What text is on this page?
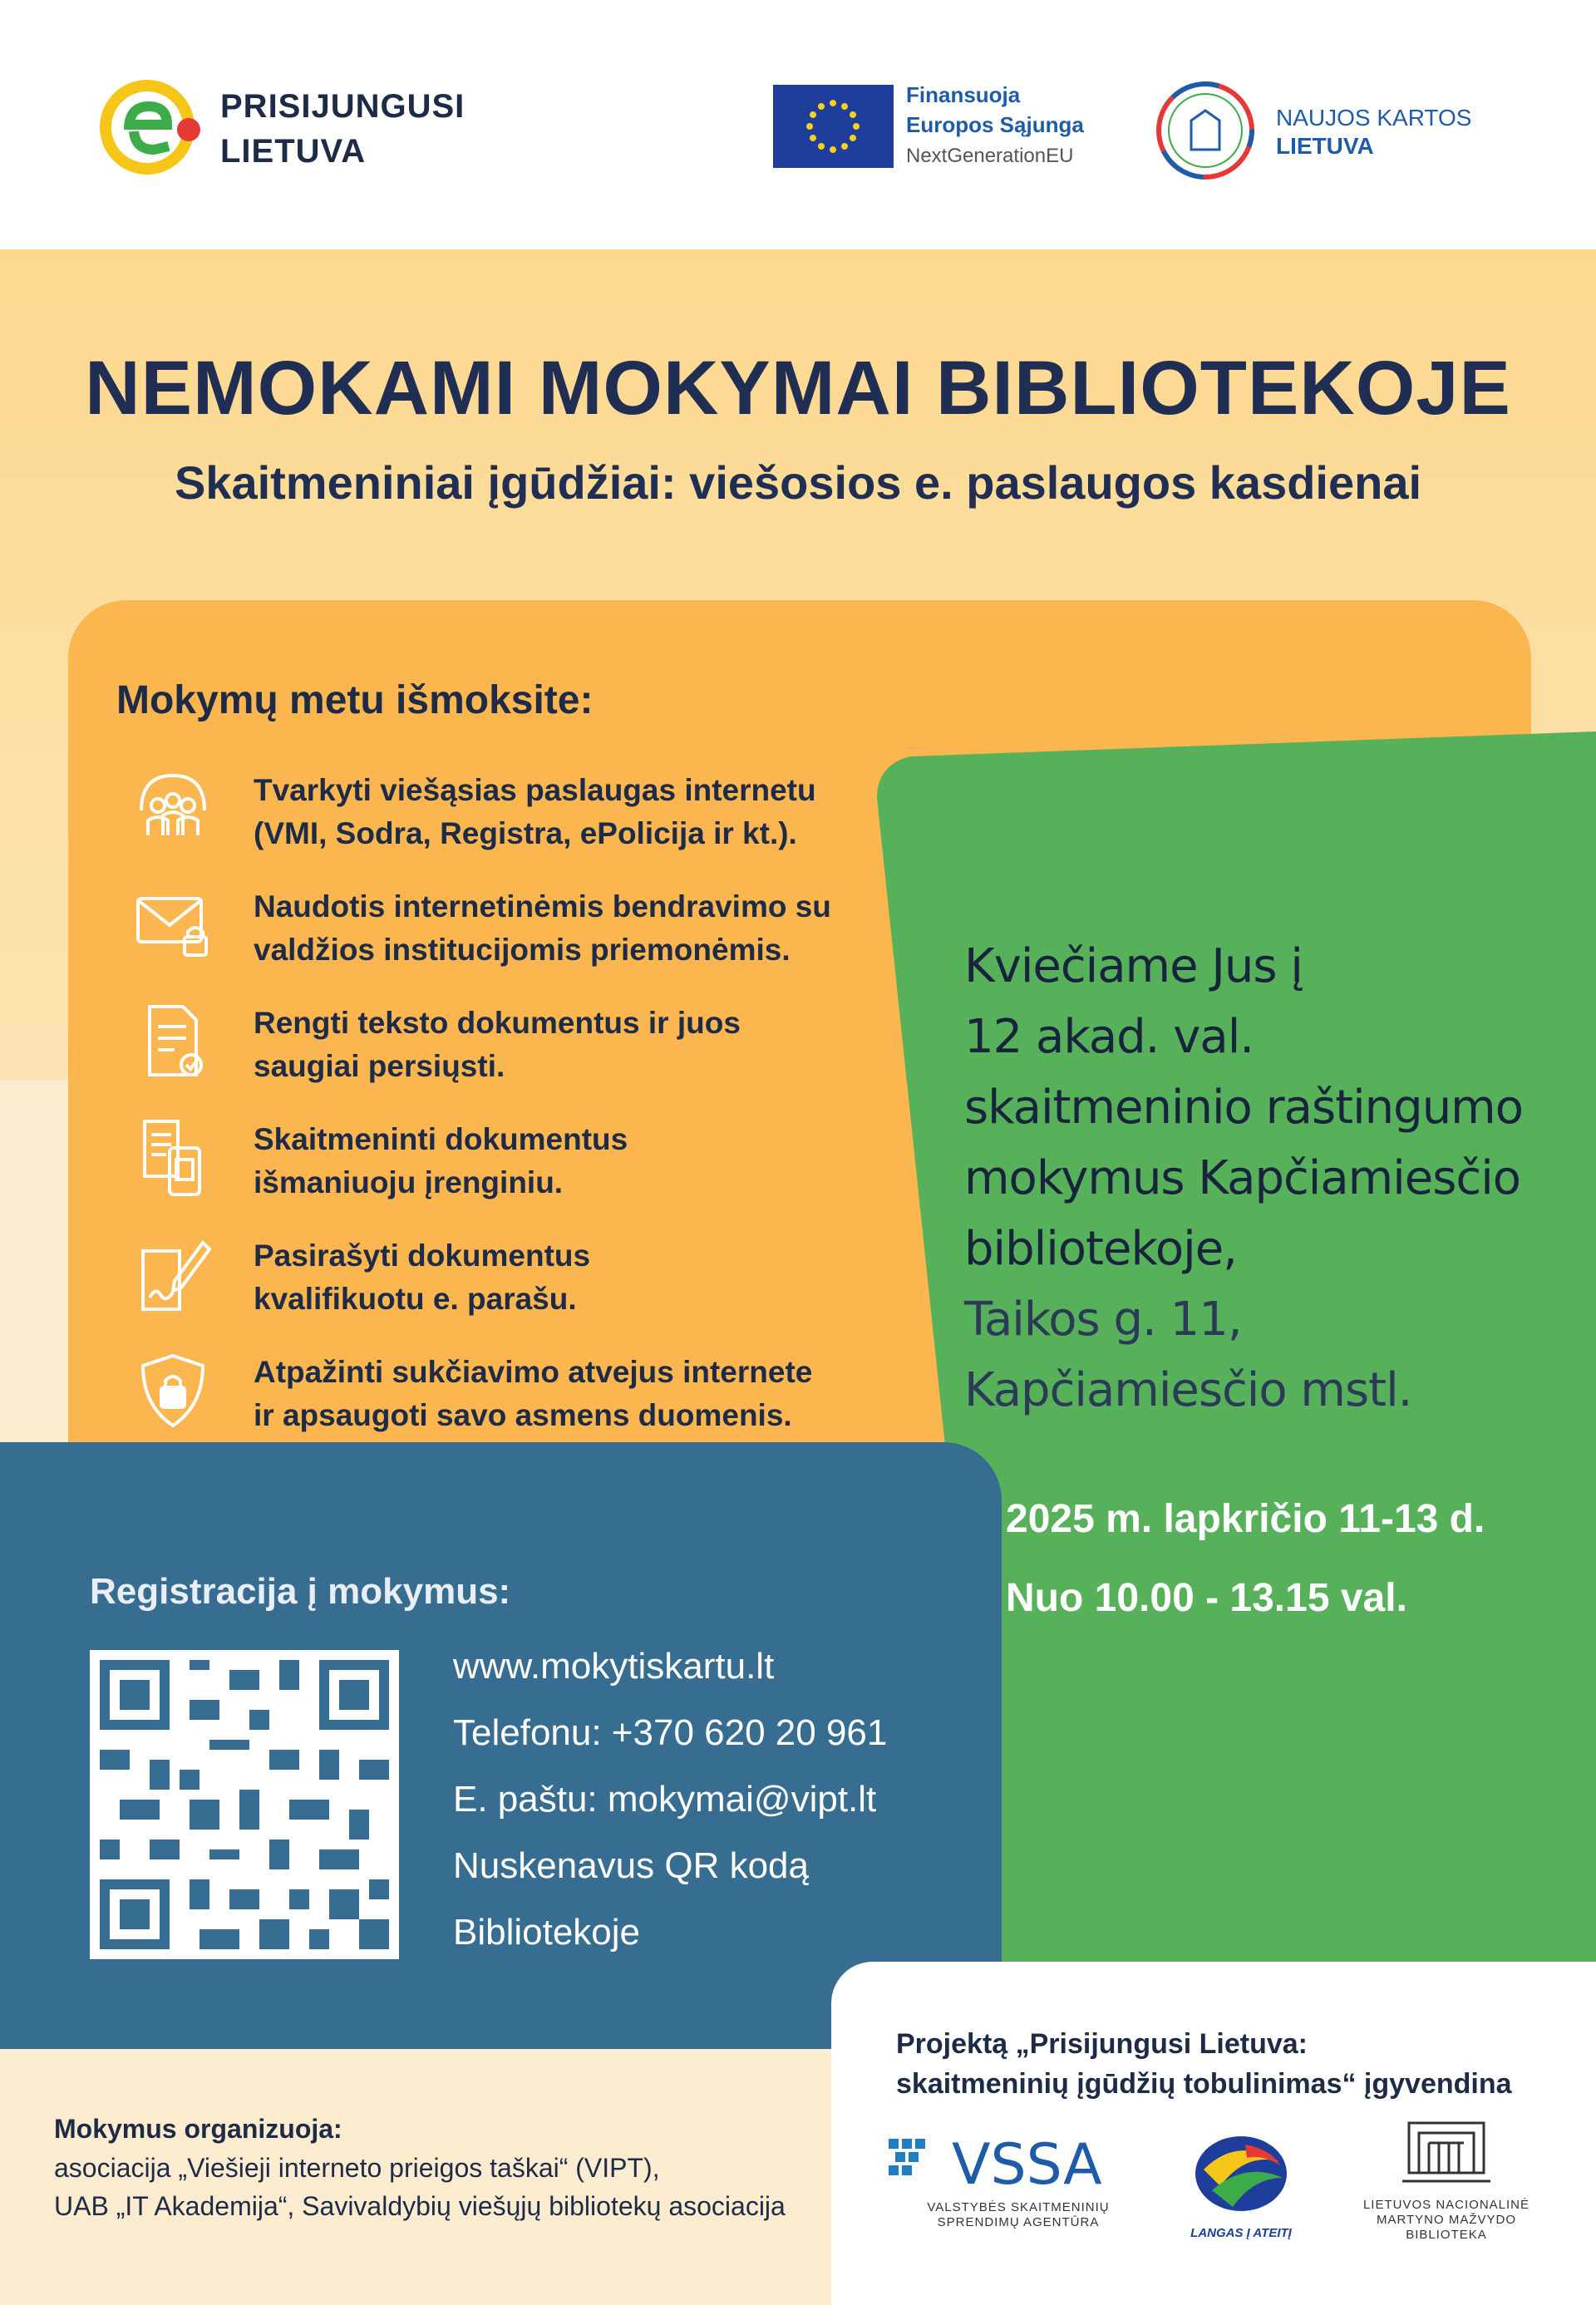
PRISIJUNGUSI
LIETUVA
Finansuoja
Europos Sąjunga
NextGenerationEU
NAUJOS KARTOS
LIETUVA
NEMOKAMI MOKYMAI BIBLIOTEKOJE
Skaitmeniniai įgūdžiai: viešosios e. paslaugos kasdienai
Mokymų metu išmoksite:
Tvarkyti viešąsias paslaugas internetu
(VMI, Sodra, Registra, ePolicija ir kt.).
Naudotis internetinėmis bendravimo su
valdžios institucijomis priemonėmis.
Rengti teksto dokumentus ir juos
saugiai persiųsti.
Skaitmeninti dokumentus
išmaniuoju įrenginiu.
Pasirašyti dokumentus
kvalifikuotu e. parašu.
Atpažinti sukčiavimo atvejus internete
ir apsaugoti savo asmens duomenis.
Kviečiame Jus į
12 akad. val.
skaitmeninio raštingumo
mokymus Kapčiamiesčio
bibliotekoje,
Taikos g. 11,
Kapčiamiesčio mstl.
2025 m. lapkričio 11-13 d.
Nuo 10.00 - 13.15 val.
Registracija į mokymus:
www.mokytiskartu.lt
Telefonu: +370 620 20 961
E. paštu: mokymai@vipt.lt
Nuskenavus QR kodą
Bibliotekoje
Mokymus organizuoja:
asociacija „Viešieji interneto prieigos taškai“ (VIPT),
UAB „IT Akademija“, Savivaldybių viešųjų bibliotekų asociacija
Projektą „Prisijungusi Lietuva:
skaitmeninių įgūdžių tobulinimas“ įgyvendina
VSSA
VALSTYBĖS SKAITMENINIŲ
SPRENDIMŲ AGENTŪRA
LANGAS Į ATEITĮ
LIETUVOS NACIONALINĖ
MARTYNO MAŽVYDO
BIBLIOTEKA
